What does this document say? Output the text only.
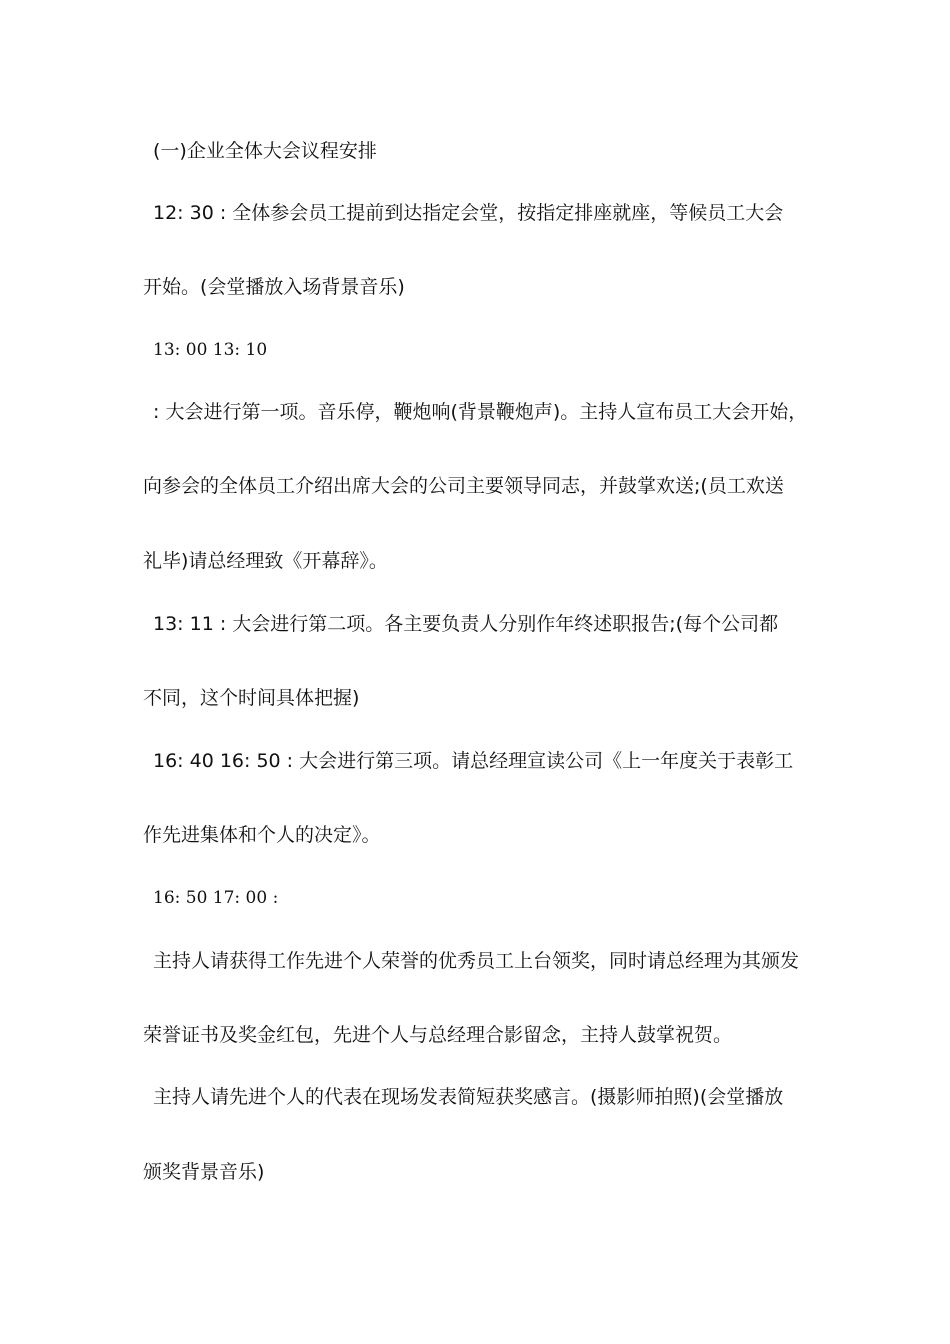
(一)企业全体大会议程安排
12: 30 : 全体参会员工提前到达指定会堂，按指定排座就座，等候员工大会
开始。(会堂播放入场背景音乐)
13: 00 13: 10
: 大会进行第一项。音乐停，鞭炮响(背景鞭炮声)。主持人宣布员工大会开始，
向参会的全体员工介绍出席大会的公司主要领导同志，并鼓掌欢送;(员工欢送
礼毕)请总经理致《开幕辞》。
13: 11 : 大会进行第二项。各主要负责人分别作年终述职报告;(每个公司都
不同，这个时间具体把握)
16: 40 16: 50 : 大会进行第三项。请总经理宣读公司《上一年度关于表彰工
作先进集体和个人的决定》。
16: 50 17: 00 :
主持人请获得工作先进个人荣誉的优秀员工上台领奖，同时请总经理为其颁发
荣誉证书及奖金红包，先进个人与总经理合影留念，主持人鼓掌祝贺。
主持人请先进个人的代表在现场发表简短获奖感言。(摄影师拍照)(会堂播放
颁奖背景音乐)
